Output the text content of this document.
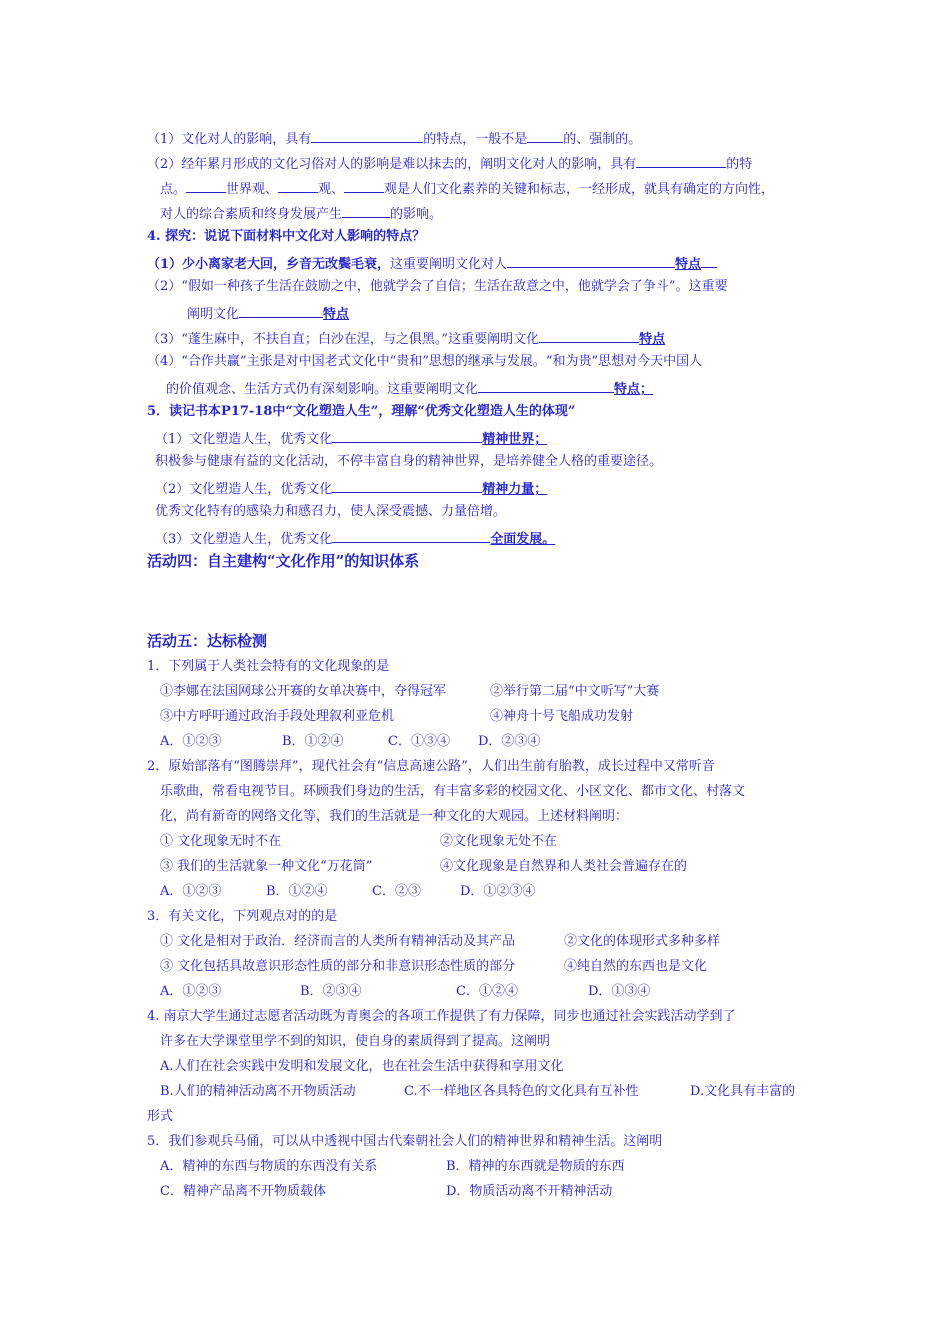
（1）文化对人的影响，具有	的特点，一般不是	的、强制的。
（2）经年累月形成的文化习俗对人的影响是难以抹去的，阐明文化对人的影响，具有	的特
点。	世界观、	观、	观是人们文化素养的关键和标志，一经形成，就具有确定的方向性，
对人的综合素质和终身发展产生	的影响。
4. 探究：说说下面材料中文化对人影响的特点？
（1）少小离家老大回，乡音无改鬓毛衰，这重要阐明文化对人	特点
（2）“假如一种孩子生活在鼓励之中，他就学会了自信；生活在敌意之中，他就学会了争斗”。这重要
阐明文化	特点
（3）“蓬生麻中，不扶自直；白沙在涅，与之俱黑。”这重要阐明文化	特点
（4）“合作共赢”主张是对中国老式文化中“贵和”思想的继承与发展。“和为贵”思想对今天中国人
的价值观念、生活方式仍有深刻影响。这重要阐明文化	特点；
5．读记书本P17-18中“文化塑造人生”，理解“优秀文化塑造人生的体现”
（1）文化塑造人生，优秀文化	精神世界；
积极参与健康有益的文化活动，不停丰富自身的精神世界，是培养健全人格的重要途径。
（2）文化塑造人生，优秀文化	精神力量；
优秀文化特有的感染力和感召力，使人深受震撼、力量倍增。
（3）文化塑造人生，优秀文化	全面发展。
活动四：自主建构“文化作用”的知识体系
活动五：达标检测
1．下列属于人类社会特有的文化现象的是
①李娜在法国网球公开赛的女单决赛中，夺得冠军	②举行第二届“中文听写”大赛
③中方呼吁通过政治手段处理叙利亚危机	④神舟十号飞船成功发射
A．①②③	B．①②④	C．①③④ D．②③④
2．原始部落有“图腾崇拜”，现代社会有“信息高速公路”，人们出生前有胎教，成长过程中又常听音
乐歌曲，常看电视节目。环顾我们身边的生活，有丰富多彩的校园文化、小区文化、都市文化、村落文
化，尚有新奇的网络文化等，我们的生活就是一种文化的大观园。上述材料阐明：
① 文化现象无时不在	②文化现象无处不在
③ 我们的生活就象一种文化“万花筒”	④文化现象是自然界和人类社会普遍存在的
A．①②③	B．①②④	C．②③	D．①②③④
3．有关文化，下列观点对的的是
① 文化是相对于政治．经济而言的人类所有精神活动及其产品	②文化的体现形式多种多样
③ 文化包括具故意识形态性质的部分和非意识形态性质的部分	④纯自然的东西也是文化
A．①②③	B．②③④	C．①②④	D．①③④
4. 南京大学生通过志愿者活动既为青奥会的各项工作提供了有力保障，同步也通过社会实践活动学到了
许多在大学课堂里学不到的知识，使自身的素质得到了提高。这阐明
A.人们在社会实践中发明和发展文化，也在社会生活中获得和享用文化
B.人们的精神活动离不开物质活动	C.不一样地区各具特色的文化具有互补性	D.文化具有丰富的
形式
5．我们参观兵马俑，可以从中透视中国古代秦朝社会人们的精神世界和精神生活。这阐明
A．精神的东西与物质的东西没有关系	B．精神的东西就是物质的东西
C．精神产品离不开物质载体	D．物质活动离不开精神活动
